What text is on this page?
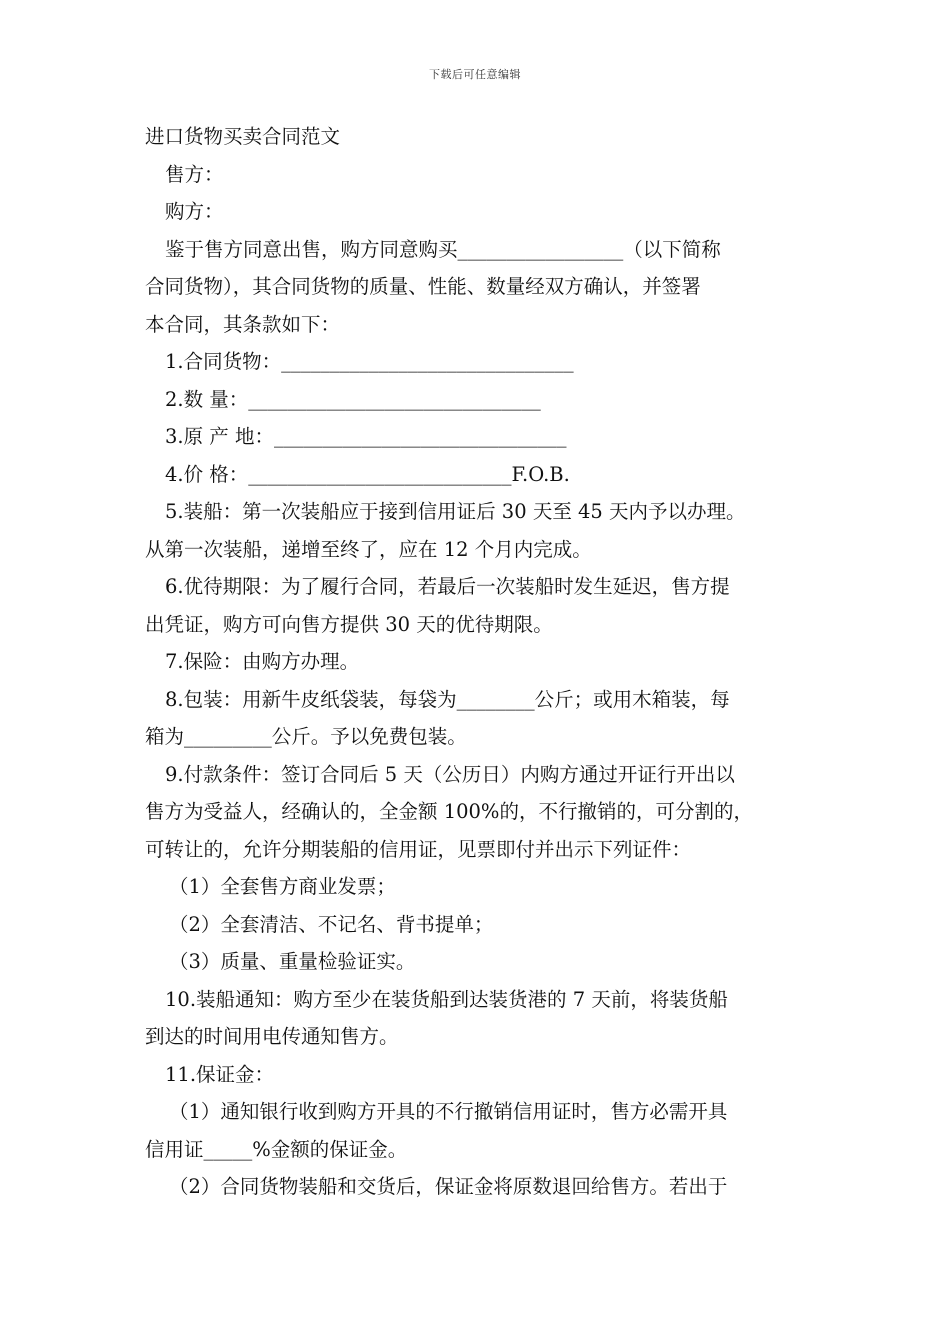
下载后可任意编辑
进口货物买卖合同范文
售方：
购方：
鉴于售方同意出售，购方同意购买_________________（以下简称
合同货物），其合同货物的质量、性能、数量经双方确认，并签署
本合同，其条款如下：
1.合同货物：______________________________
2.数 量：______________________________
3.原 产 地：______________________________
4.价 格：___________________________F.O.B.
5.装船：第一次装船应于接到信用证后 30 天至 45 天内予以办理。
从第一次装船，递增至终了，应在 12 个月内完成。
6.优待期限：为了履行合同，若最后一次装船时发生延迟，售方提
出凭证，购方可向售方提供 30 天的优待期限。
7.保险：由购方办理。
8.包装：用新牛皮纸袋装，每袋为________公斤；或用木箱装，每
箱为_________公斤。予以免费包装。
9.付款条件：签订合同后 5 天（公历日）内购方通过开证行开出以
售方为受益人，经确认的，全金额 100%的，不行撤销的，可分割的，
可转让的，允许分期装船的信用证，见票即付并出示下列证件：
（1）全套售方商业发票；
（2）全套清洁、不记名、背书提单；
（3）质量、重量检验证实。
10.装船通知：购方至少在装货船到达装货港的 7 天前，将装货船
到达的时间用电传通知售方。
11.保证金：
（1）通知银行收到购方开具的不行撤销信用证时，售方必需开具
信用证_____%金额的保证金。
（2）合同货物装船和交货后，保证金将原数退回给售方。若出于
